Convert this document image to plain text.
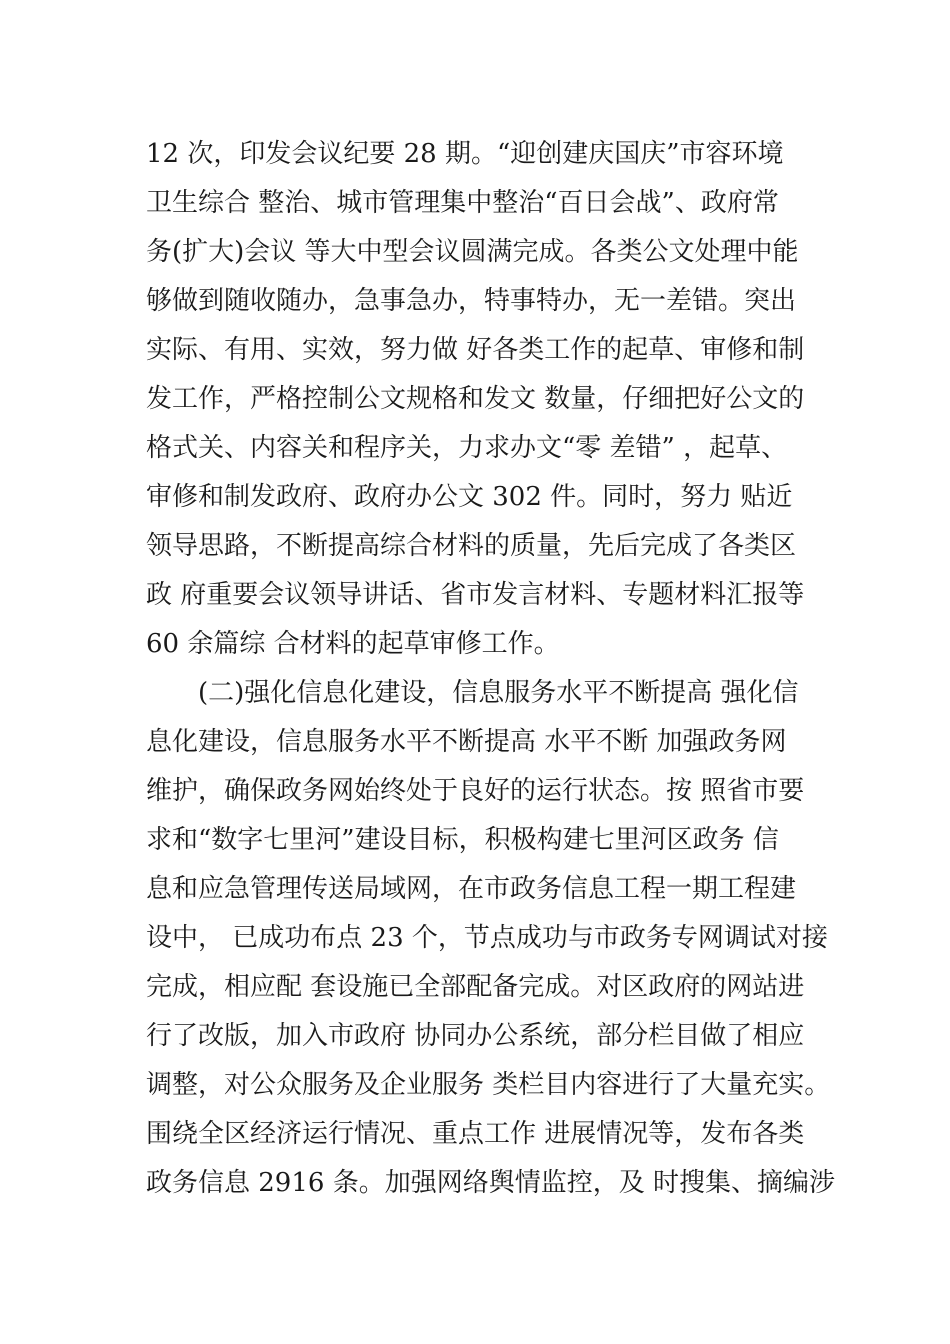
12 次，印发会议纪要 28 期。“迎创建庆国庆”市容环境
卫生综合 整治、城市管理集中整治“百日会战”、政府常
务(扩大)会议 等大中型会议圆满完成。各类公文处理中能
够做到随收随办，急事急办，特事特办，无一差错。突出
实际、有用、实效，努力做 好各类工作的起草、审修和制
发工作，严格控制公文规格和发文 数量，仔细把好公文的
格式关、内容关和程序关，力求办文“零 差错” ，起草、
审修和制发政府、政府办公文 302 件。同时，努力 贴近
领导思路，不断提高综合材料的质量，先后完成了各类区
政 府重要会议领导讲话、省市发言材料、专题材料汇报等
60 余篇综 合材料的起草审修工作。
(二)强化信息化建设，信息服务水平不断提高 强化信
息化建设，信息服务水平不断提高 水平不断 加强政务网
维护，确保政务网始终处于良好的运行状态。按 照省市要
求和“数字七里河”建设目标，积极构建七里河区政务 信
息和应急管理传送局域网，在市政务信息工程一期工程建
设中， 已成功布点 23 个，节点成功与市政务专网调试对接
完成，相应配 套设施已全部配备完成。对区政府的网站进
行了改版，加入市政府 协同办公系统，部分栏目做了相应
调整，对公众服务及企业服务 类栏目内容进行了大量充实。
围绕全区经济运行情况、重点工作 进展情况等，发布各类
政务信息 2916 条。加强网络舆情监控，及 时搜集、摘编涉
